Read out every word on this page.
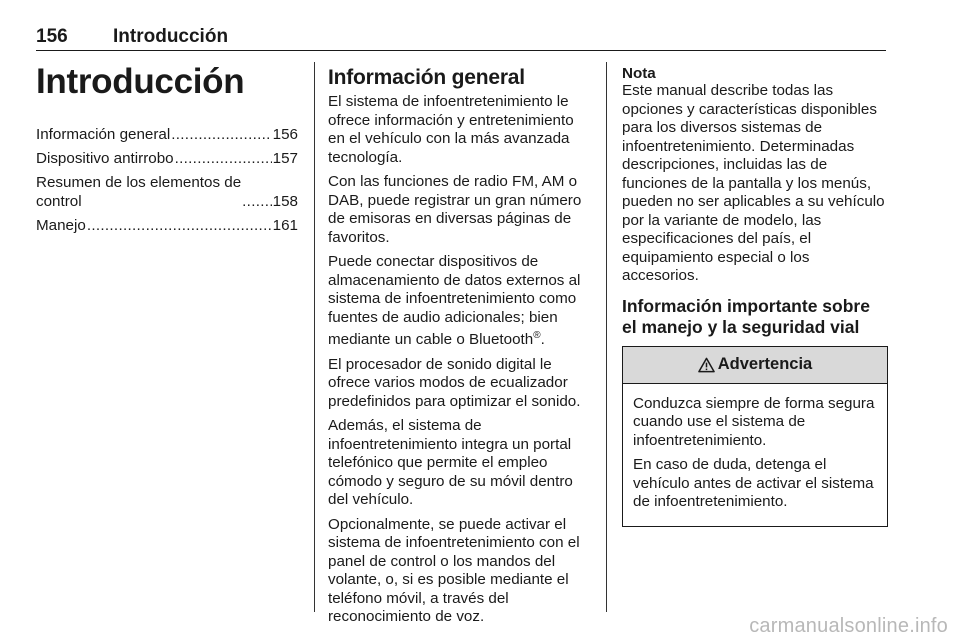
156 Introducción
Introducción
Información general .....	156
Dispositivo antirrobo .....	157
Resumen de los elementos de
control .....	158
Manejo .....	161
Información general

El sistema de infoentretenimiento le ofrece información y entretenimiento en el vehículo con la más avanzada tecnología.

Con las funciones de radio FM, AM o DAB, puede registrar un gran número de emisoras en diversas páginas de favoritos.

Puede conectar dispositivos de almacenamiento de datos externos al sistema de infoentretenimiento como fuentes de audio adicionales; bien mediante un cable o Bluetooth®.

El procesador de sonido digital le ofrece varios modos de ecualizador predefinidos para optimizar el sonido.

Además, el sistema de infoentretenimiento integra un portal telefónico que permite el empleo cómodo y seguro de su móvil dentro del vehículo.

Opcionalmente, se puede activar el sistema de infoentretenimiento con el panel de control o los mandos del volante, o, si es posible mediante el teléfono móvil, a través del reconocimiento de voz.

Nota

Este manual describe todas las opciones y características disponibles para los diversos sistemas de infoentretenimiento. Determinadas descripciones, incluidas las de funciones de la pantalla y los menús, pueden no ser aplicables a su vehículo por la variante de modelo, las especificaciones del país, el equipamiento especial o los accesorios.

Información importante sobre el manejo y la seguridad vial
Advertencia

Conduzca siempre de forma segura cuando use el sistema de infoentretenimiento.

En caso de duda, detenga el vehículo antes de activar el sistema de infoentretenimiento.

carmanualsonline.info
